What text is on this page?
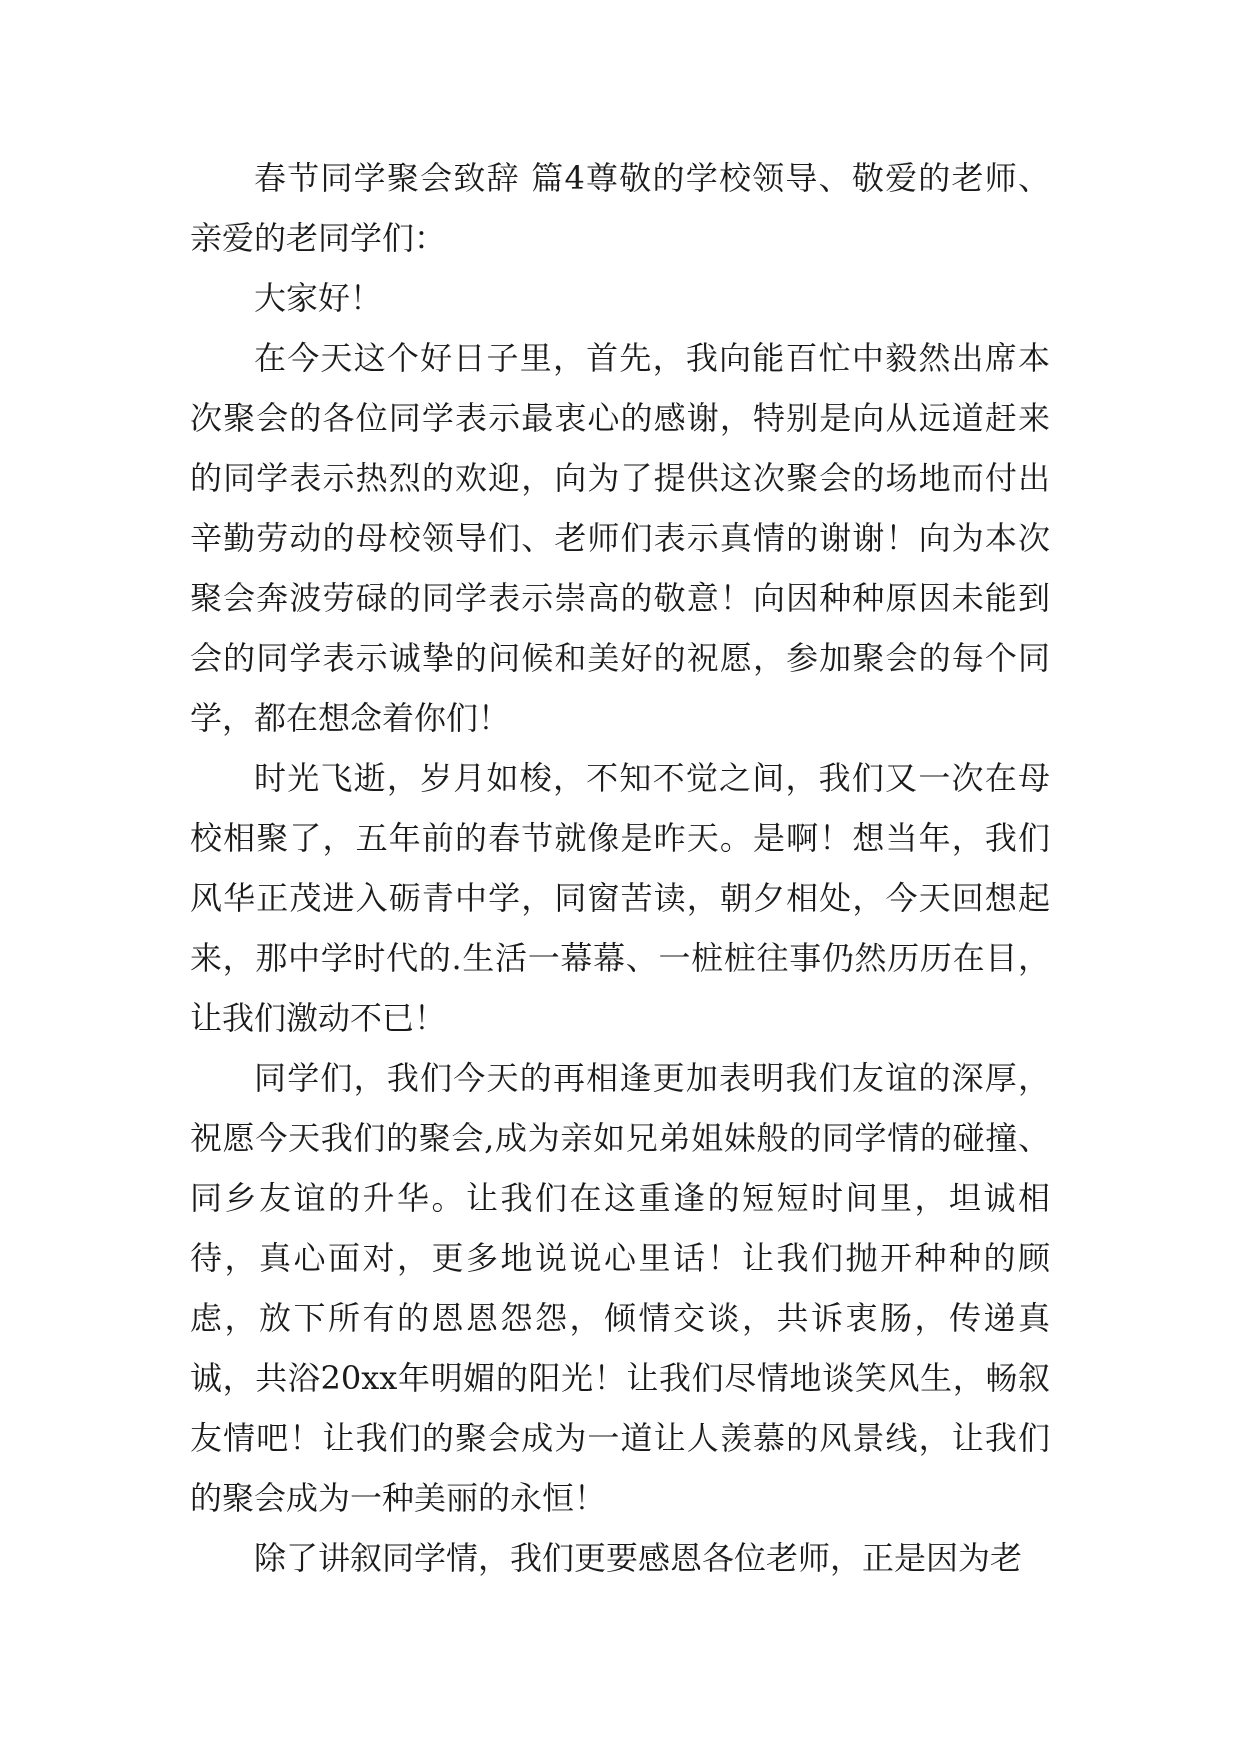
春节同学聚会致辞 篇4尊敬的学校领导、敬爱的老师、亲爱的老同学们：

大家好！

在今天这个好日子里，首先，我向能百忙中毅然出席本次聚会的各位同学表示最衷心的感谢，特别是向从远道赶来的同学表示热烈的欢迎，向为了提供这次聚会的场地而付出辛勤劳动的母校领导们、老师们表示真情的谢谢！向为本次聚会奔波劳碌的同学表示崇高的敬意！向因种种原因未能到会的同学表示诚挚的问候和美好的祝愿，参加聚会的每个同学，都在想念着你们！

时光飞逝，岁月如梭，不知不觉之间，我们又一次在母校相聚了，五年前的春节就像是昨天。是啊！想当年，我们风华正茂进入砺青中学，同窗苦读，朝夕相处，今天回想起来，那中学时代的.生活一幕幕、一桩桩往事仍然历历在目，让我们激动不已！

同学们，我们今天的再相逢更加表明我们友谊的深厚，祝愿今天我们的聚会,成为亲如兄弟姐妹般的同学情的碰撞、同乡友谊的升华。让我们在这重逢的短短时间里，坦诚相待，真心面对，更多地说说心里话！让我们抛开种种的顾虑，放下所有的恩恩怨怨，倾情交谈，共诉衷肠，传递真诚，共浴20xx年明媚的阳光！让我们尽情地谈笑风生，畅叙友情吧！让我们的聚会成为一道让人羡慕的风景线，让我们的聚会成为一种美丽的永恒！

除了讲叙同学情，我们更要感恩各位老师，正是因为老
